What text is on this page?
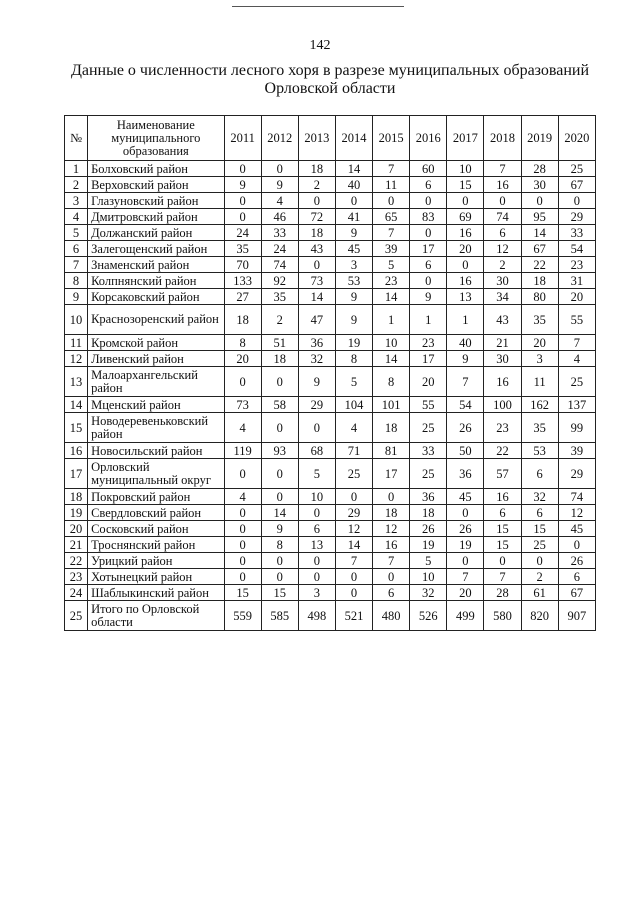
142
Данные о численности лесного хоря в разрезе муниципальных образований
Орловской области
№	Наименование муниципального образования	2011	2012	2013	2014	2015	2016	2017	2018	2019	2020
1	Болховский район	0	0	18	14	7	60	10	7	28	25
2	Верховский район	9	9	2	40	11	6	15	16	30	67
3	Глазуновский район	0	4	0	0	0	0	0	0	0	0
4	Дмитровский район	0	46	72	41	65	83	69	74	95	29
5	Должанский район	24	33	18	9	7	0	16	6	14	33
6	Залегощенский район	35	24	43	45	39	17	20	12	67	54
7	Знаменский район	70	74	0	3	5	6	0	2	22	23
8	Колпнянский район	133	92	73	53	23	0	16	30	18	31
9	Корсаковский район	27	35	14	9	14	9	13	34	80	20
10	Краснозоренский район	18	2	47	9	1	1	1	43	35	55
11	Кромской район	8	51	36	19	10	23	40	21	20	7
12	Ливенский район	20	18	32	8	14	17	9	30	3	4
13	Малоархангельский район	0	0	9	5	8	20	7	16	11	25
14	Мценский район	73	58	29	104	101	55	54	100	162	137
15	Новодеревеньковский район	4	0	0	4	18	25	26	23	35	99
16	Новосильский район	119	93	68	71	81	33	50	22	53	39
17	Орловский муниципальный округ	0	0	5	25	17	25	36	57	6	29
18	Покровский район	4	0	10	0	0	36	45	16	32	74
19	Свердловский район	0	14	0	29	18	18	0	6	6	12
20	Сосковский район	0	9	6	12	12	26	26	15	15	45
21	Троснянский район	0	8	13	14	16	19	19	15	25	0
22	Урицкий район	0	0	0	7	7	5	0	0	0	26
23	Хотынецкий район	0	0	0	0	0	10	7	7	2	6
24	Шаблыкинский район	15	15	3	0	6	32	20	28	61	67
25	Итого по Орловской области	559	585	498	521	480	526	499	580	820	907
